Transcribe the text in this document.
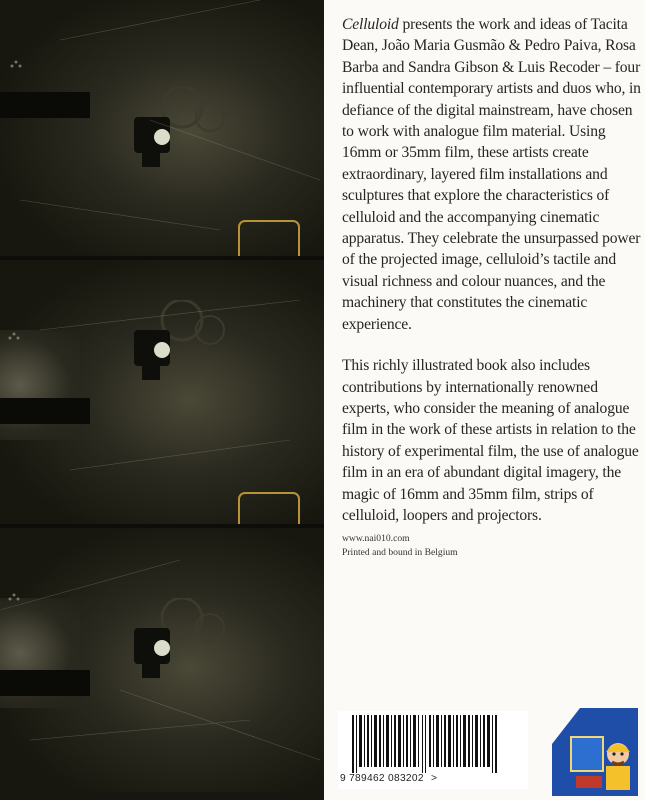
Celluloid presents the work and ideas of Tacita Dean, João Maria Gusmão & Pedro Paiva, Rosa Barba and Sandra Gibson & Luis Recoder – four influential contemporary artists and duos who, in defiance of the digital mainstream, have chosen to work with analogue film material. Using 16mm or 35mm film, these artists create extraordinary, layered film installations and sculptures that explore the characteristics of celluloid and the accompanying cinematic apparatus. They celebrate the unsurpassed power of the projected image, celluloid’s tactile and visual richness and colour nuances, and the machinery that constitutes the cinematic experience.

This richly illustrated book also includes contributions by internationally renowned experts, who consider the meaning of analogue film in the work of these artists in relation to the history of experimental film, the use of analogue film in an era of abundant digital imagery, the magic of 16mm and 35mm film, strips of celluloid, loopers and projectors.

www.nai010.com
Printed and bound in Belgium
9 789462 083202 >
